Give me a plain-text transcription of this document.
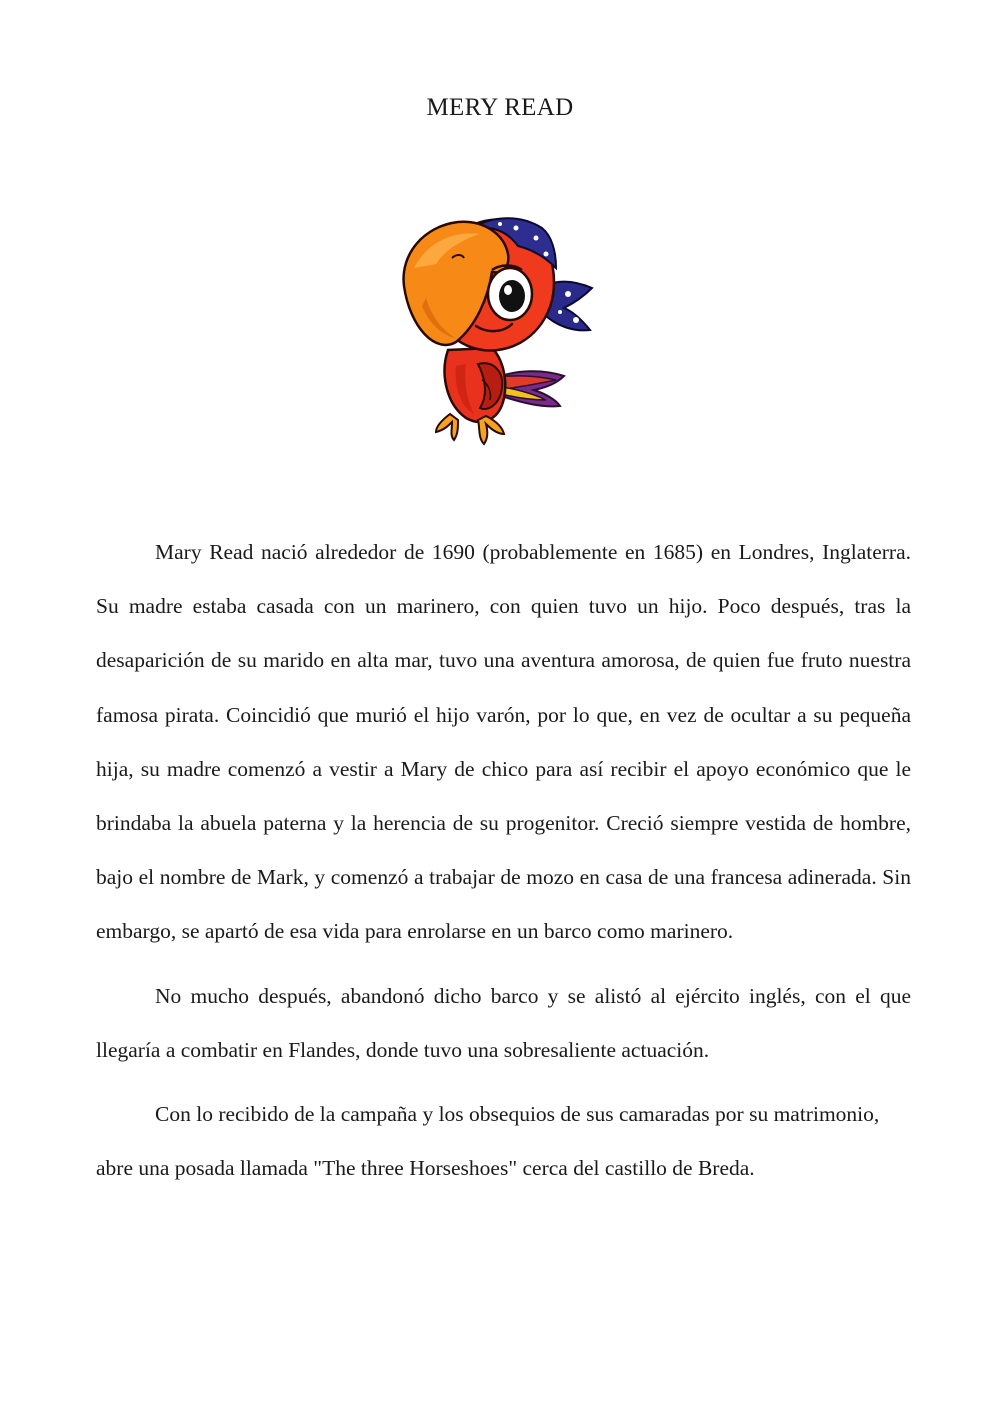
MERY READ

Mary Read nació alrededor de 1690 (probablemente en 1685) en Londres, Inglaterra. Su madre estaba casada con un marinero, con quien tuvo un hijo. Poco después, tras la desaparición de su marido en alta mar, tuvo una aventura amorosa, de quien fue fruto nuestra famosa pirata. Coincidió que murió el hijo varón, por lo que, en vez de ocultar a su pequeña hija, su madre comenzó a vestir a Mary de chico para así recibir el apoyo económico que le brindaba la abuela paterna y la herencia de su progenitor. Creció siempre vestida de hombre, bajo el nombre de Mark, y comenzó a trabajar de mozo en casa de una francesa adinerada. Sin embargo, se apartó de esa vida para enrolarse en un barco como marinero.

No mucho después, abandonó dicho barco y se alistó al ejército inglés, con el que llegaría a combatir en Flandes, donde tuvo una sobresaliente actuación.

Con lo recibido de la campaña y los obsequios de sus camaradas por su matrimonio, abre una posada llamada "The three Horseshoes" cerca del castillo de Breda.
